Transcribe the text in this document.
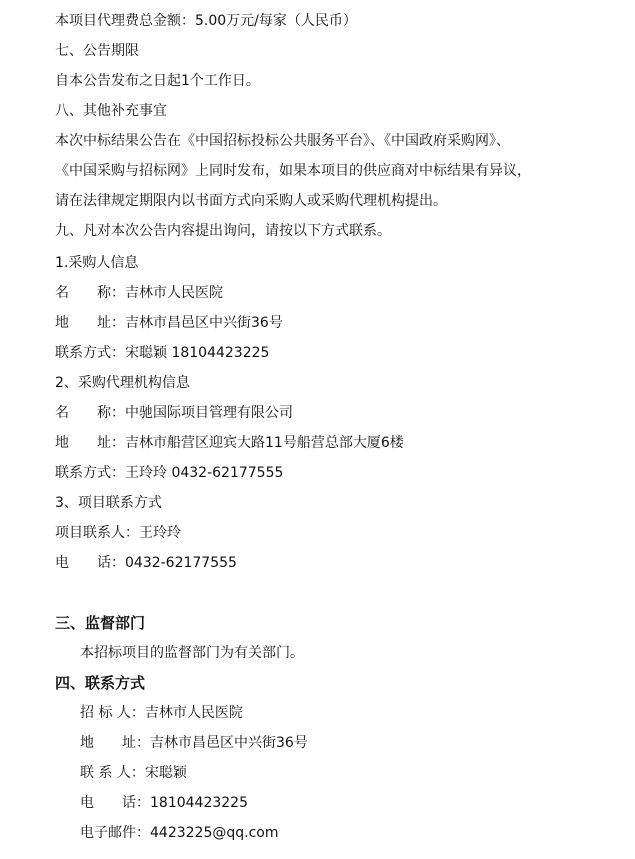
本项目代理费总金额：5.00万元/每家（人民币）
七、公告期限
自本公告发布之日起1个工作日。
八、其他补充事宜
本次中标结果公告在《中国招标投标公共服务平台》、《中国政府采购网》、
《中国采购与招标网》上同时发布，如果本项目的供应商对中标结果有异议，
请在法律规定期限内以书面方式向采购人或采购代理机构提出。
九、凡对本次公告内容提出询问，请按以下方式联系。
1.采购人信息
名　　称：吉林市人民医院
地　　址：吉林市昌邑区中兴街36号
联系方式：宋聪颖 18104423225
2、采购代理机构信息
名　　称：中驰国际项目管理有限公司
地　　址：吉林市船营区迎宾大路11号船营总部大厦6楼
联系方式：王玲玲 0432-62177555
3、项目联系方式
项目联系人：王玲玲
电　　话：0432-62177555
三、监督部门
本招标项目的监督部门为有关部门。
四、联系方式
招 标 人：吉林市人民医院
地　　址：吉林市昌邑区中兴街36号
联 系 人：宋聪颖
电　　话：18104423225
电子邮件：4423225@qq.com
